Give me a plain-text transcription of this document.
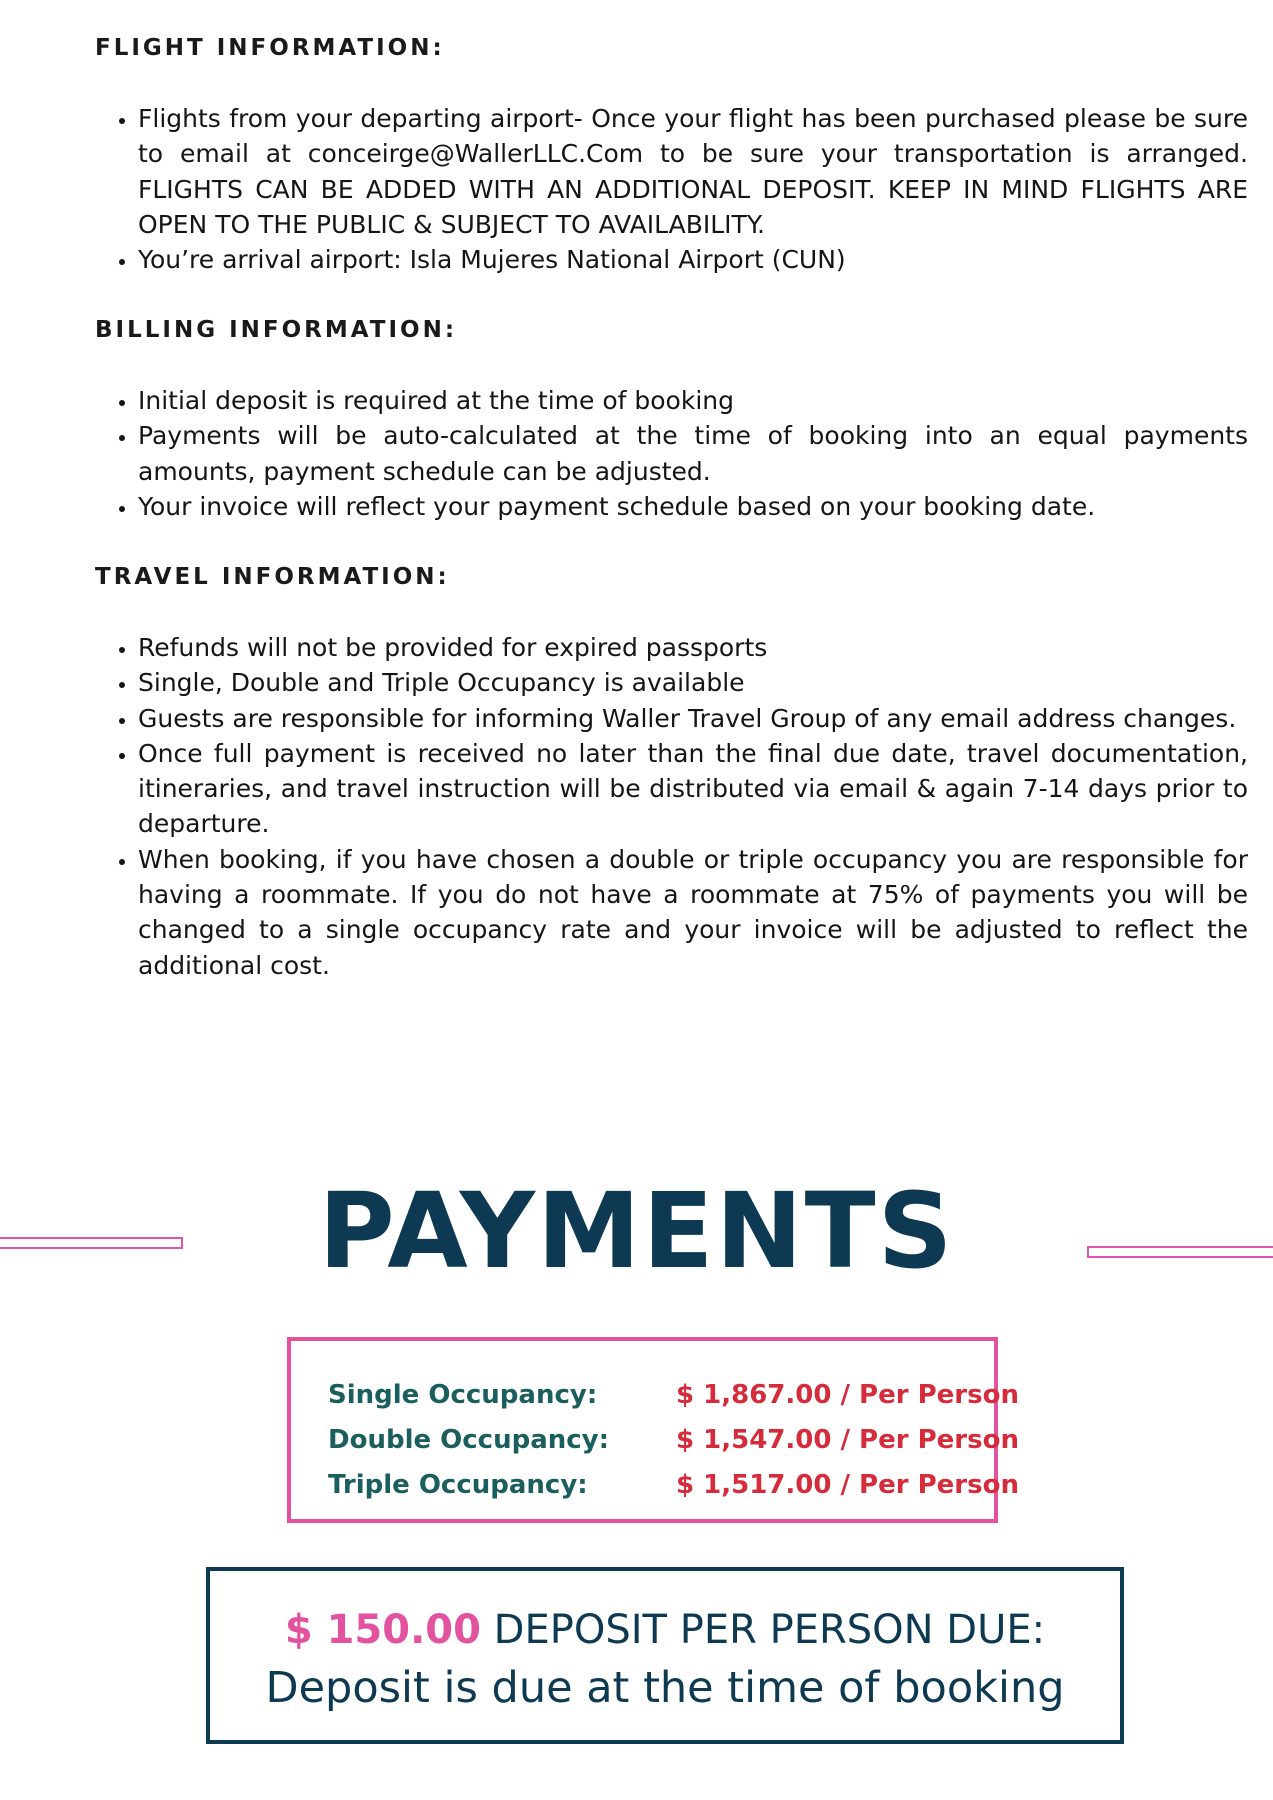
FLIGHT INFORMATION:
• Flights from your departing airport- Once your flight has been purchased please be sure to email at conceirge@WallerLLC.Com to be sure your transportation is arranged. FLIGHTS CAN BE ADDED WITH AN ADDITIONAL DEPOSIT. KEEP IN MIND FLIGHTS ARE OPEN TO THE PUBLIC & SUBJECT TO AVAILABILITY.
• You’re arrival airport: Isla Mujeres National Airport (CUN)
BILLING INFORMATION:
• Initial deposit is required at the time of booking
• Payments will be auto-calculated at the time of booking into an equal payments amounts, payment schedule can be adjusted.
• Your invoice will reflect your payment schedule based on your booking date.
TRAVEL INFORMATION:
• Refunds will not be provided for expired passports
• Single, Double and Triple Occupancy is available
• Guests are responsible for informing Waller Travel Group of any email address changes.
• Once full payment is received no later than the final due date, travel documentation, itineraries, and travel instruction will be distributed via email & again 7-14 days prior to departure.
• When booking, if you have chosen a double or triple occupancy you are responsible for having a roommate. If you do not have a roommate at 75% of payments you will be changed to a single occupancy rate and your invoice will be adjusted to reflect the additional cost.
PAYMENTS
Single Occupancy:	$ 1,867.00 / Per Person
Double Occupancy:	$ 1,547.00 / Per Person
Triple Occupancy:	$ 1,517.00 / Per Person
$ 150.00 DEPOSIT PER PERSON DUE:
Deposit is due at the time of booking
